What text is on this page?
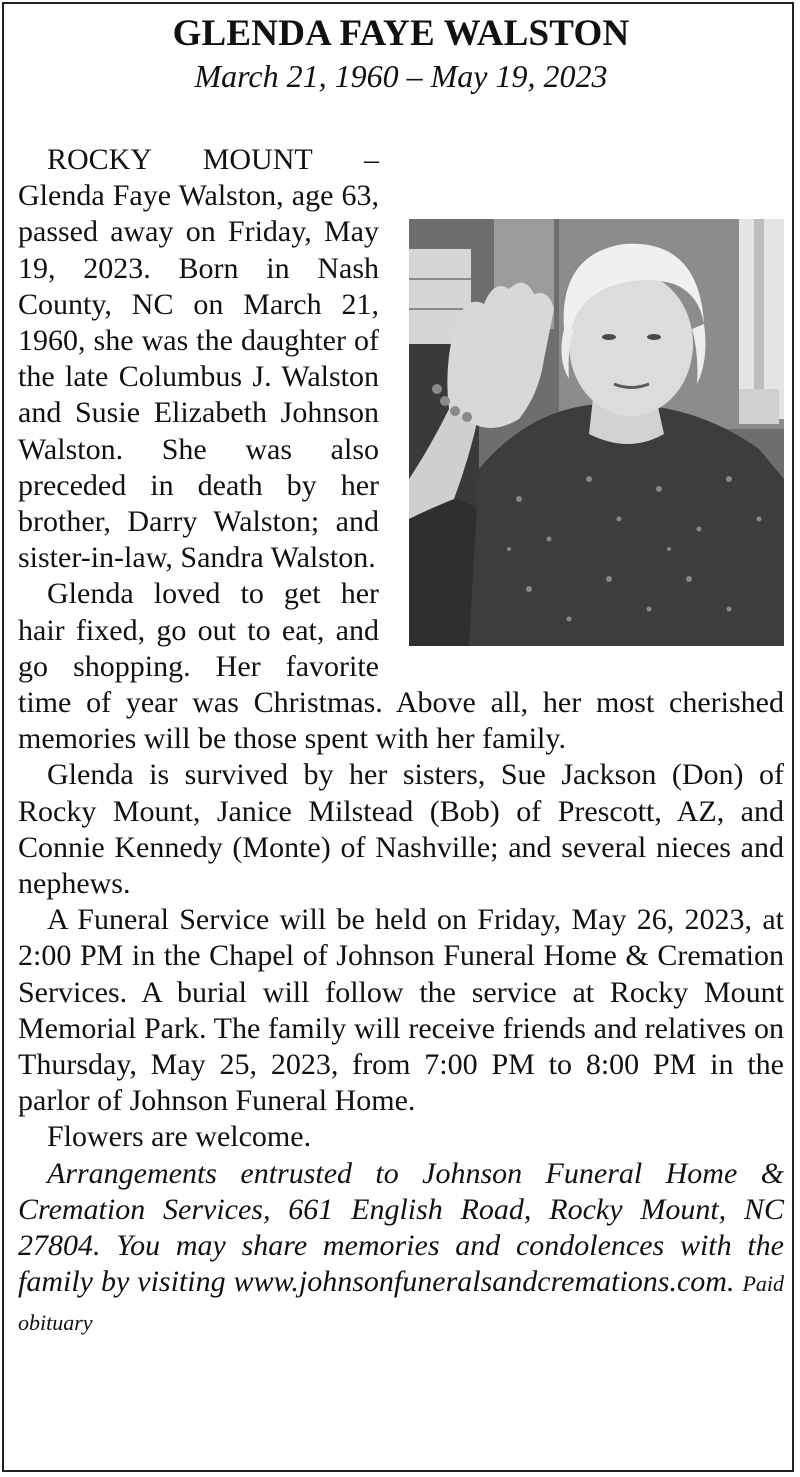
GLENDA FAYE WALSTON
March 21, 1960 – May 19, 2023

ROCKY MOUNT – Glenda Faye Walston, age 63, passed away on Friday, May 19, 2023. Born in Nash County, NC on March 21, 1960, she was the daughter of the late Columbus J. Walston and Susie Elizabeth Johnson Walston. She was also preceded in death by her brother, Darry Walston; and sister-in-law, Sandra Walston.

Glenda loved to get her hair fixed, go out to eat, and go shopping. Her favorite time of year was Christmas. Above all, her most cherished memories will be those spent with her family.

Glenda is survived by her sisters, Sue Jackson (Don) of Rocky Mount, Janice Milstead (Bob) of Prescott, AZ, and Connie Kennedy (Monte) of Nashville; and several nieces and nephews.

A Funeral Service will be held on Friday, May 26, 2023, at 2:00 PM in the Chapel of Johnson Funeral Home & Cremation Services. A burial will follow the service at Rocky Mount Memorial Park. The family will receive friends and relatives on Thursday, May 25, 2023, from 7:00 PM to 8:00 PM in the parlor of Johnson Funeral Home.

Flowers are welcome.

Arrangements entrusted to Johnson Funeral Home & Cremation Services, 661 English Road, Rocky Mount, NC 27804. You may share memories and condolences with the family by visiting www.johnsonfuneralsandcremations.com. Paid obituary
